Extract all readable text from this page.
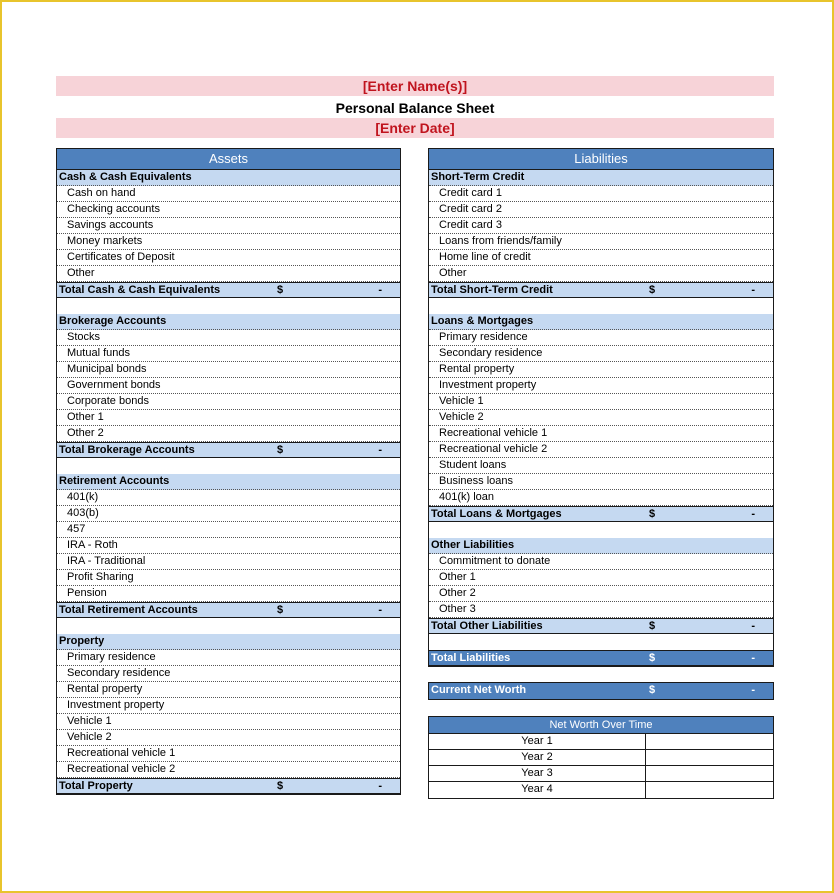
[Enter Name(s)]
Personal Balance Sheet
[Enter Date]
Assets
Cash & Cash Equivalents
Cash on hand
Checking accounts
Savings accounts
Money markets
Certificates of Deposit
Other
Total Cash & Cash Equivalents	$	-
Brokerage Accounts
Stocks
Mutual funds
Municipal bonds
Government bonds
Corporate bonds
Other 1
Other 2
Total Brokerage Accounts	$	-
Retirement Accounts
401(k)
403(b)
457
IRA - Roth
IRA - Traditional
Profit Sharing
Pension
Total Retirement Accounts	$	-
Property
Primary residence
Secondary residence
Rental property
Investment property
Vehicle 1
Vehicle 2
Recreational vehicle 1
Recreational vehicle 2
Total Property	$	-
Liabilities
Short-Term Credit
Credit card 1
Credit card 2
Credit card 3
Loans from friends/family
Home line of credit
Other
Total Short-Term Credit	$	-
Loans & Mortgages
Primary residence
Secondary residence
Rental property
Investment property
Vehicle 1
Vehicle 2
Recreational vehicle 1
Recreational vehicle 2
Student loans
Business loans
401(k) loan
Total Loans & Mortgages	$	-
Other Liabilities
Commitment to donate
Other 1
Other 2
Other 3
Total Other Liabilities	$	-
Total Liabilities	$	-
Current Net Worth	$	-
Net Worth Over Time
Year 1
Year 2
Year 3
Year 4
